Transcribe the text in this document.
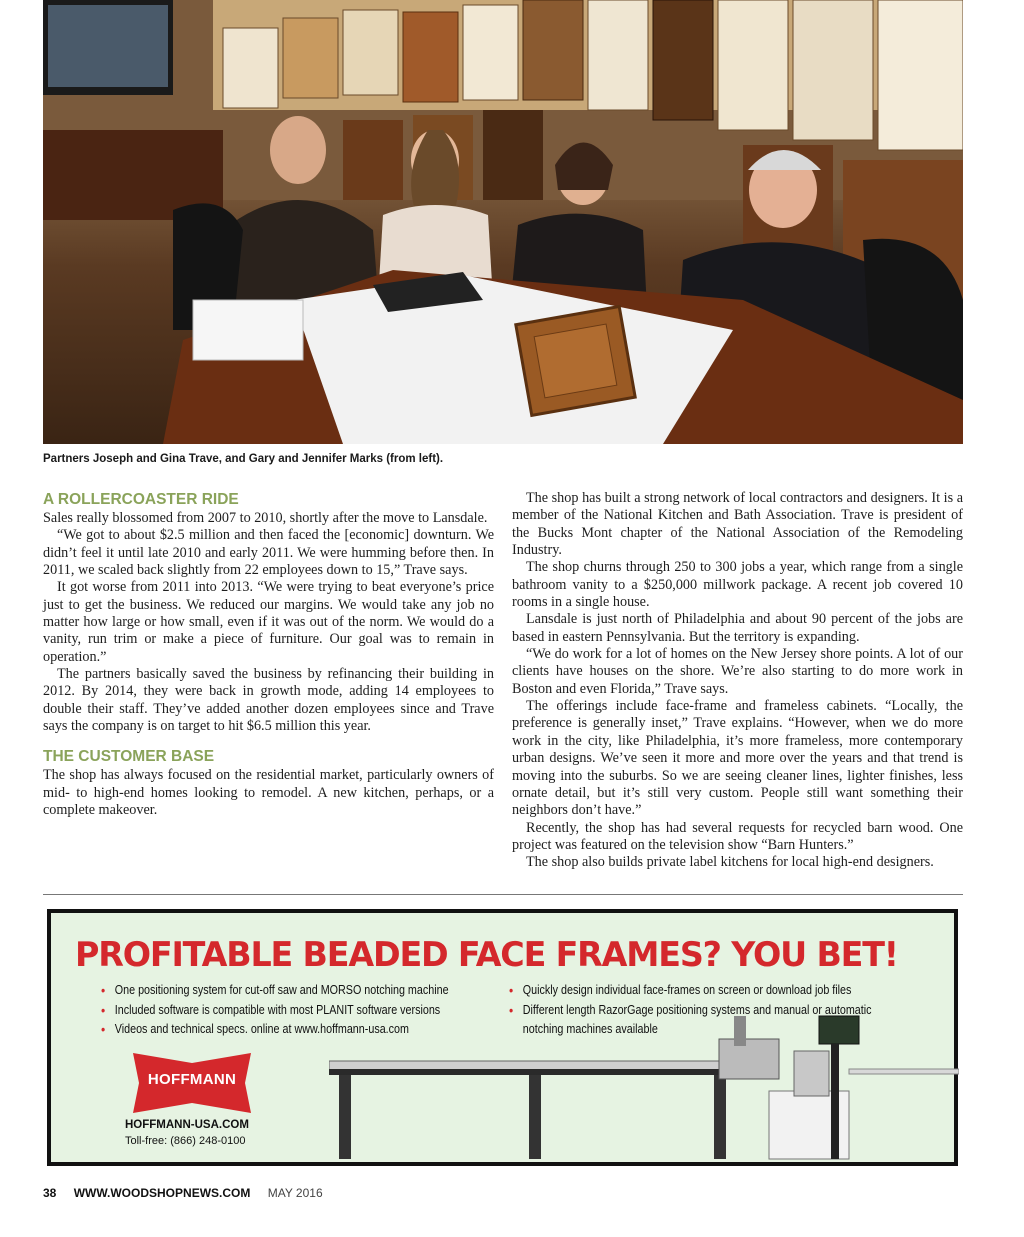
Partners Joseph and Gina Trave, and Gary and Jennifer Marks (from left).
A ROLLERCOASTER RIDE

Sales really blossomed from 2007 to 2010, shortly after the move to Lansdale.

“We got to about $2.5 million and then faced the [economic] downturn. We didn’t feel it until late 2010 and early 2011. We were humming before then. In 2011, we scaled back slightly from 22 employees down to 15,” Trave says.

It got worse from 2011 into 2013. “We were trying to beat everyone’s price just to get the business. We reduced our margins. We would take any job no matter how large or how small, even if it was out of the norm. We would do a vanity, run trim or make a piece of furniture. Our goal was to remain in operation.”

The partners basically saved the business by refinancing their building in 2012. By 2014, they were back in growth mode, adding 14 employees to double their staff. They’ve added another dozen employees since and Trave says the company is on target to hit $6.5 million this year.

THE CUSTOMER BASE

The shop has always focused on the residential market, particularly owners of mid- to high-end homes looking to remodel. A new kitchen, perhaps, or a complete makeover.

The shop has built a strong network of local contractors and designers. It is a member of the National Kitchen and Bath Association. Trave is president of the Bucks Mont chapter of the National Association of the Remodeling Industry.

The shop churns through 250 to 300 jobs a year, which range from a single bathroom vanity to a $250,000 millwork package. A recent job covered 10 rooms in a single house.

Lansdale is just north of Philadelphia and about 90 percent of the jobs are based in eastern Pennsylvania. But the territory is expanding.

“We do work for a lot of homes on the New Jersey shore points. A lot of our clients have houses on the shore. We’re also starting to do more work in Boston and even Florida,” Trave says.

The offerings include face-frame and frameless cabinets. “Locally, the preference is generally inset,” Trave explains. “However, when we do more work in the city, like Philadelphia, it’s more frameless, more contemporary urban designs. We’ve seen it more and more over the years and that trend is moving into the suburbs. So we are seeing cleaner lines, lighter finishes, less ornate detail, but it’s still very custom. People still want something their neighbors don’t have.”

Recently, the shop has had several requests for recycled barn wood. One project was featured on the television show “Barn Hunters.”

The shop also builds private label kitchens for local high-end designers.

PROFITABLE BEADED FACE FRAMES? YOU BET!
• One positioning system for cut-off saw and MORSO notching machine
• Included software is compatible with most PLANIT software versions
• Videos and technical specs. online at www.hoffmann-usa.com
• Quickly design individual face-frames on screen or download job files
• Different length RazorGage positioning systems and manual or automatic
notching machines available
HOFFMANN
HOFFMANN-USA.COM
Toll-free: (866) 248-0100
38 WWW.WOODSHOPNEWS.COM MAY 2016
